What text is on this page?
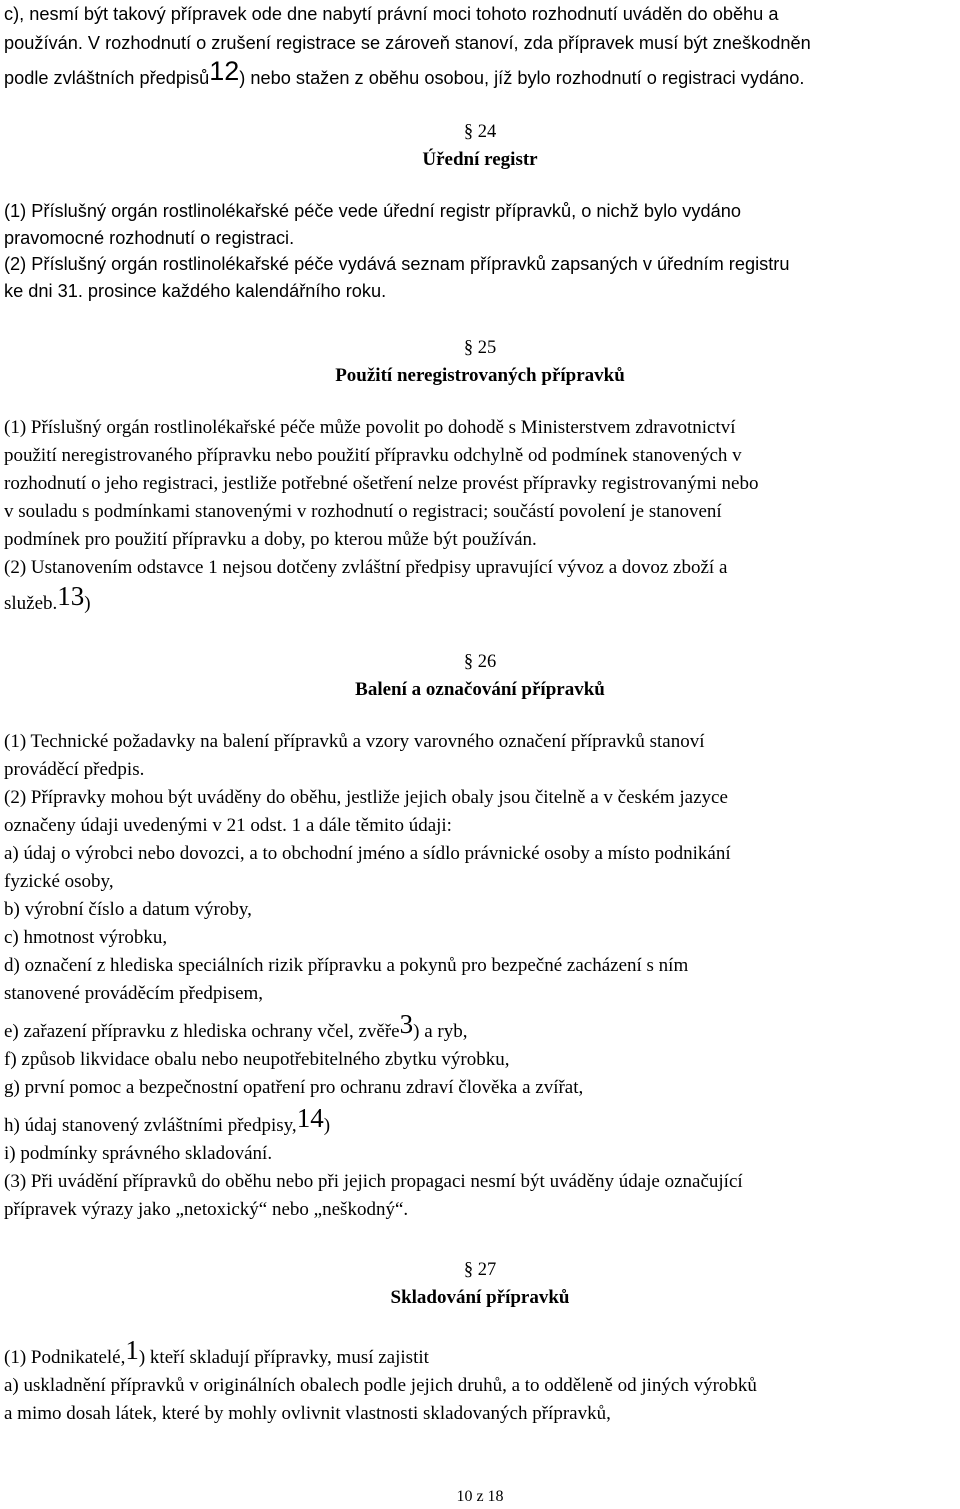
c), nesmí být takový přípravek ode dne nabytí právní moci tohoto rozhodnutí uváděn do oběhu a
používán. V rozhodnutí o zrušení registrace se zároveň stanoví, zda přípravek musí být zneškodněn
podle zvláštních předpisů12) nebo stažen z oběhu osobou, jíž bylo rozhodnutí o registraci vydáno.
§ 24
Úřední registr
(1) Příslušný orgán rostlinolékařské péče vede úřední registr přípravků, o nichž bylo vydáno
pravomocné rozhodnutí o registraci.
(2) Příslušný orgán rostlinolékařské péče vydává seznam přípravků zapsaných v úředním registru
ke dni 31. prosince každého kalendářního roku.
§ 25
Použití neregistrovaných přípravků
(1) Příslušný orgán rostlinolékařské péče může povolit po dohodě s Ministerstvem zdravotnictví
použití neregistrovaného přípravku nebo použití přípravku odchylně od podmínek stanovených v
rozhodnutí o jeho registraci, jestliže potřebné ošetření nelze provést přípravky registrovanými nebo
v souladu s podmínkami stanovenými v rozhodnutí o registraci; součástí povolení je stanovení
podmínek pro použití přípravku a doby, po kterou může být používán.
(2) Ustanovením odstavce 1 nejsou dotčeny zvláštní předpisy upravující vývoz a dovoz zboží a
služeb.13)
§ 26
Balení a označování přípravků
(1) Technické požadavky na balení přípravků a vzory varovného označení přípravků stanoví
prováděcí předpis.
(2) Přípravky mohou být uváděny do oběhu, jestliže jejich obaly jsou čitelně a v českém jazyce
označeny údaji uvedenými v 21 odst. 1 a dále těmito údaji:
a) údaj o výrobci nebo dovozci, a to obchodní jméno a sídlo právnické osoby a místo podnikání
fyzické osoby,
b) výrobní číslo a datum výroby,
c) hmotnost výrobku,
d) označení z hlediska speciálních rizik přípravku a pokynů pro bezpečné zacházení s ním
stanovené prováděcím předpisem,
e) zařazení přípravku z hlediska ochrany včel, zvěře3) a ryb,
f) způsob likvidace obalu nebo neupotřebitelného zbytku výrobku,
g) první pomoc a bezpečnostní opatření pro ochranu zdraví člověka a zvířat,
h) údaj stanovený zvláštními předpisy,14)
i) podmínky správného skladování.
(3) Při uvádění přípravků do oběhu nebo při jejich propagaci nesmí být uváděny údaje označující
přípravek výrazy jako „netoxický“ nebo „neškodný“.
§ 27
Skladování přípravků
(1) Podnikatelé,1) kteří skladují přípravky, musí zajistit
a) uskladnění přípravků v originálních obalech podle jejich druhů, a to odděleně od jiných výrobků
a mimo dosah látek, které by mohly ovlivnit vlastnosti skladovaných přípravků,
10 z 18
